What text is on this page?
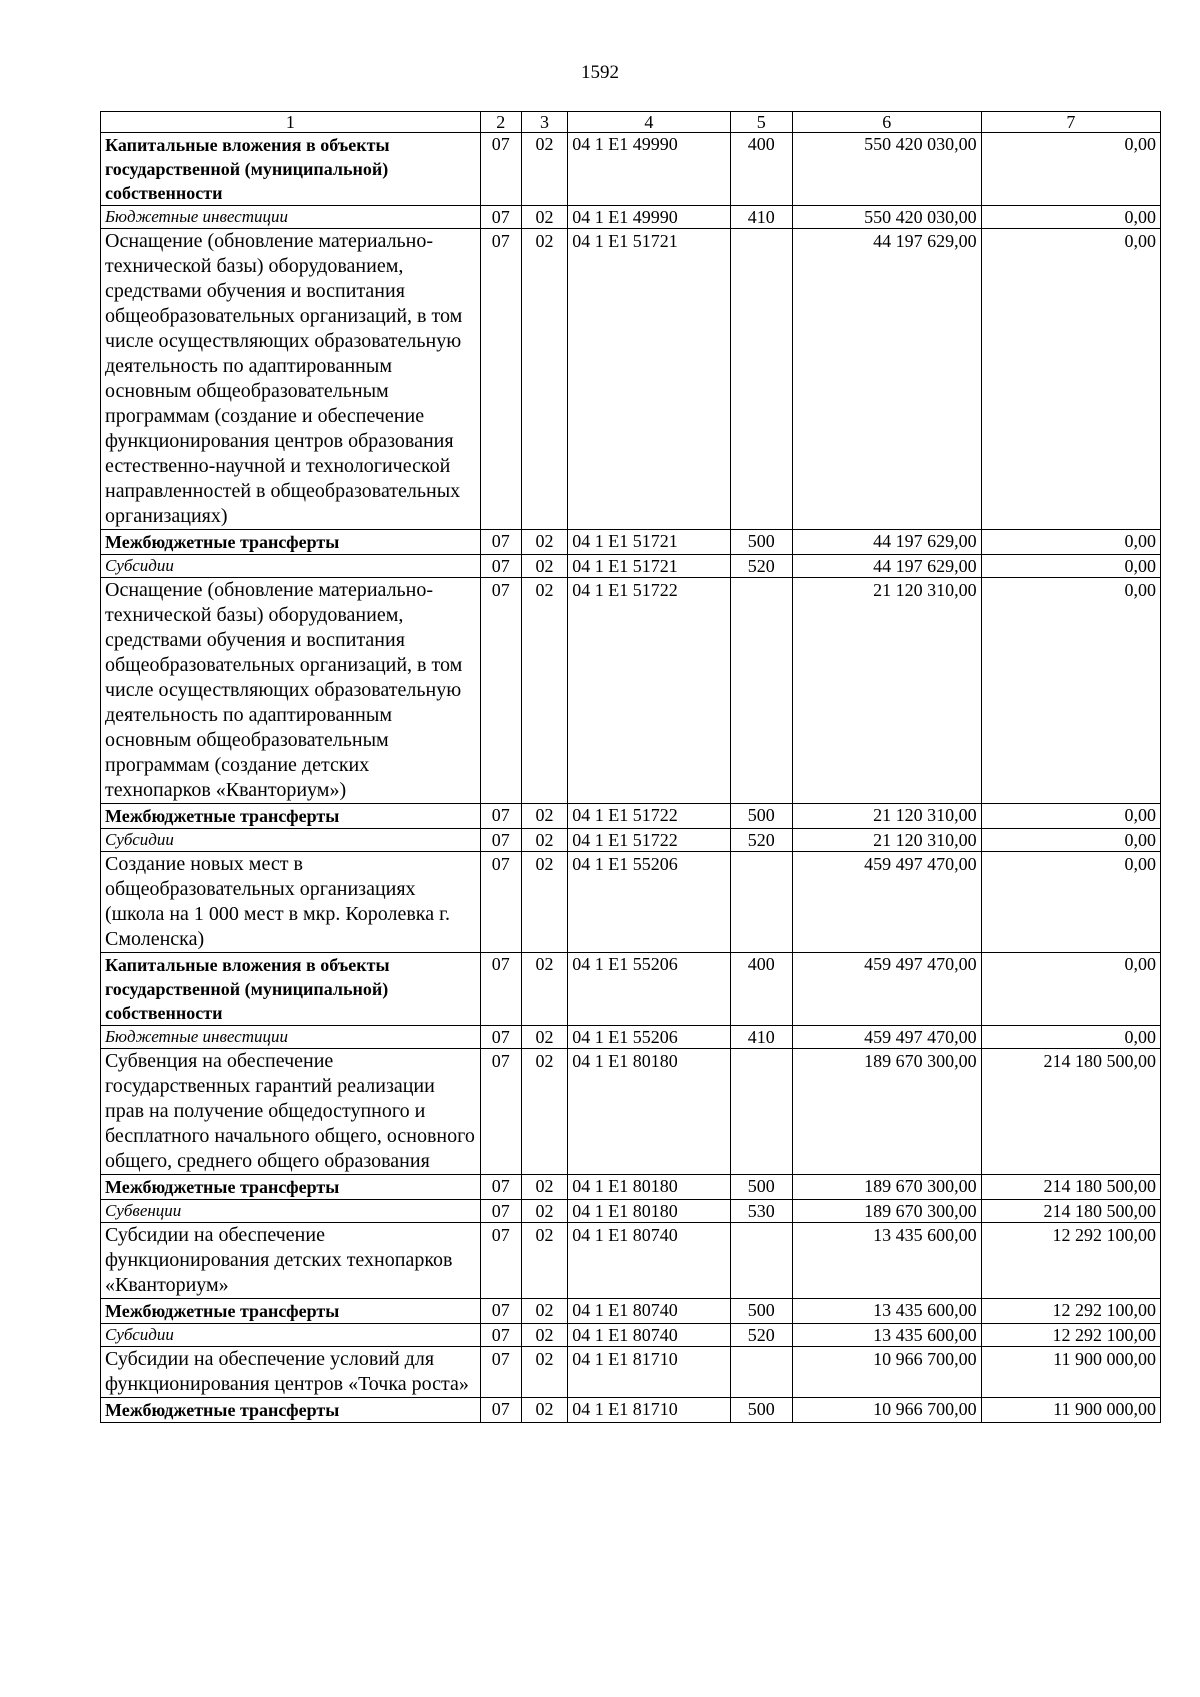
1592
1	2	3	4	5	6	7
Капитальные вложения в объекты государственной (муниципальной) собственности	07	02	04 1 E1 49990	400	550 420 030,00	0,00
Бюджетные инвестиции	07	02	04 1 E1 49990	410	550 420 030,00	0,00
Оснащение (обновление материально-технической базы) оборудованием, средствами обучения и воспитания общеобразовательных организаций, в том числе осуществляющих образовательную деятельность по адаптированным основным общеобразовательным программам (создание и обеспечение функционирования центров образования естественно-научной и технологической направленностей в общеобразовательных организациях)	07	02	04 1 E1 51721		44 197 629,00	0,00
Межбюджетные трансферты	07	02	04 1 E1 51721	500	44 197 629,00	0,00
Субсидии	07	02	04 1 E1 51721	520	44 197 629,00	0,00
Оснащение (обновление материально-технической базы) оборудованием, средствами обучения и воспитания общеобразовательных организаций, в том числе осуществляющих образовательную деятельность по адаптированным основным общеобразовательным программам (создание детских технопарков «Кванториум»)	07	02	04 1 E1 51722		21 120 310,00	0,00
Межбюджетные трансферты	07	02	04 1 E1 51722	500	21 120 310,00	0,00
Субсидии	07	02	04 1 E1 51722	520	21 120 310,00	0,00
Создание новых мест в общеобразовательных организациях (школа на 1 000 мест в мкр. Королевка г. Смоленска)	07	02	04 1 E1 55206		459 497 470,00	0,00
Капитальные вложения в объекты государственной (муниципальной) собственности	07	02	04 1 E1 55206	400	459 497 470,00	0,00
Бюджетные инвестиции	07	02	04 1 E1 55206	410	459 497 470,00	0,00
Субвенция на обеспечение государственных гарантий реализации прав на получение общедоступного и бесплатного начального общего, основного общего, среднего общего образования	07	02	04 1 E1 80180		189 670 300,00	214 180 500,00
Межбюджетные трансферты	07	02	04 1 E1 80180	500	189 670 300,00	214 180 500,00
Субвенции	07	02	04 1 E1 80180	530	189 670 300,00	214 180 500,00
Субсидии на обеспечение функционирования детских технопарков «Кванториум»	07	02	04 1 E1 80740		13 435 600,00	12 292 100,00
Межбюджетные трансферты	07	02	04 1 E1 80740	500	13 435 600,00	12 292 100,00
Субсидии	07	02	04 1 E1 80740	520	13 435 600,00	12 292 100,00
Субсидии на обеспечение условий для функционирования центров «Точка роста»	07	02	04 1 E1 81710		10 966 700,00	11 900 000,00
Межбюджетные трансферты	07	02	04 1 E1 81710	500	10 966 700,00	11 900 000,00
